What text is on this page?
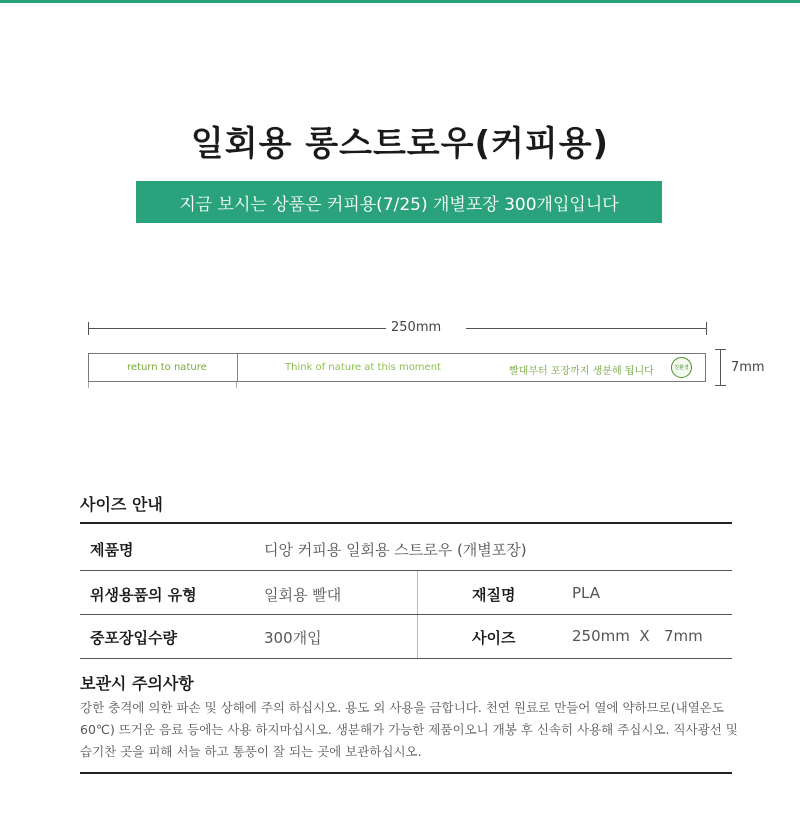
일회용 롱스트로우(커피용)
지금 보시는 상품은 커피용(7/25) 개별포장 300개입입니다
250mm
return to nature	Think of nature at this moment	빨대부터 포장까지 생분해 됩니다	친환경	7mm
사이즈 안내
제품명	디앙 커피용 일회용 스트로우 (개별포장)
위생용품의 유형	일회용 빨대	재질명	PLA
중포장입수량	300개입	사이즈	250mm  X   7mm
보관시 주의사항
강한 충격에 의한 파손 및 상해에 주의 하십시오. 용도 외 사용을 금합니다. 천연 원료로 만들어 열에 약하므로(내열온도
60℃) 뜨거운 음료 등에는 사용 하지마십시오. 생분해가 가능한 제품이오니 개봉 후 신속히 사용해 주십시오. 직사광선 및
습기찬 곳을 피해 서늘 하고 통풍이 잘 되는 곳에 보관하십시오.
